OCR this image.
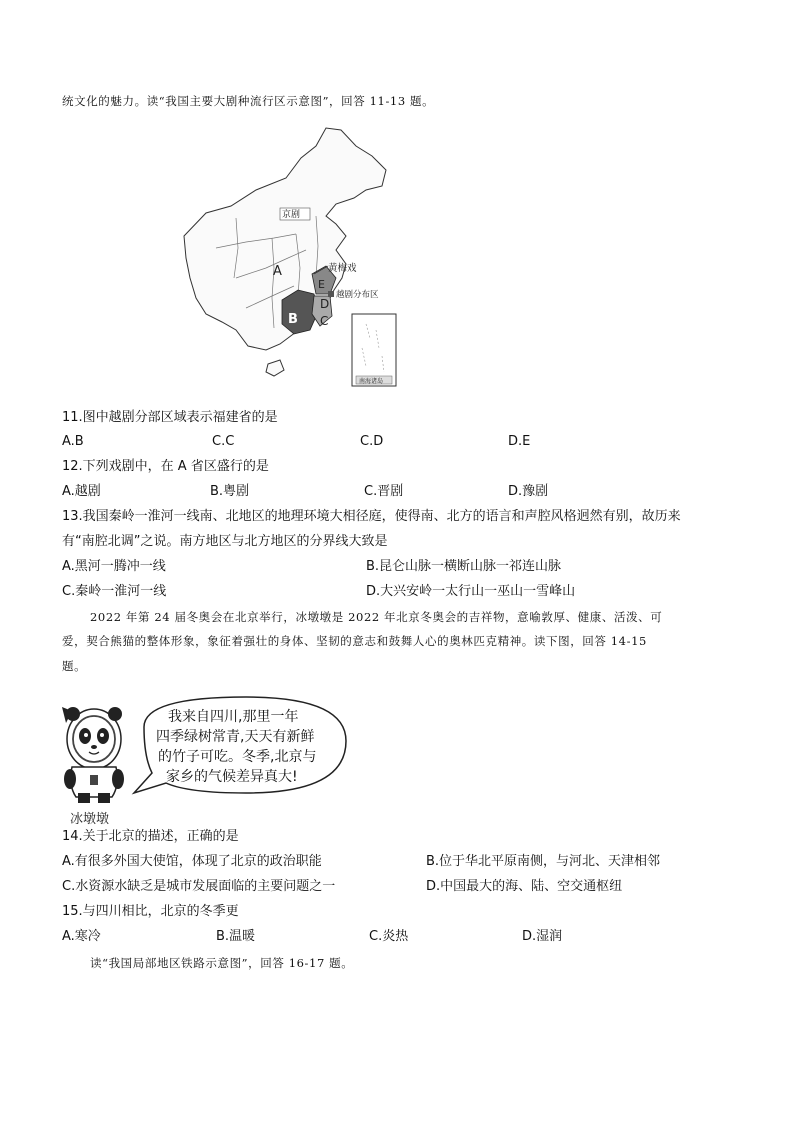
统文化的魅力。读“我国主要大剧种流行区示意图”，回答 11-13 题。
京剧
A
B C
D
E
黄梅戏
越剧分布区
南海诸岛
11.图中越剧分部区域表示福建省的是
A.B	C.C	C.D	D.E
12.下列戏剧中，在 A 省区盛行的是
A.越剧	B.粤剧	C.晋剧	D.豫剧
13.我国秦岭一淮河一线南、北地区的地理环境大相径庭，使得南、北方的语言和声腔风格迥然有别，故历来
有“南腔北调”之说。南方地区与北方地区的分界线大致是
A.黑河一腾冲一线	B.昆仑山脉一横断山脉一祁连山脉
C.秦岭一淮河一线	D.大兴安岭一太行山一巫山一雪峰山
2022 年第 24 届冬奥会在北京举行，冰墩墩是 2022 年北京冬奥会的吉祥物，意喻敦厚、健康、活泼、可
爱，契合熊猫的整体形象，象征着强壮的身体、坚韧的意志和鼓舞人心的奥林匹克精神。读下图，回答 14-15
题。
冰墩墩
我来自四川,那里一年
四季绿树常青,天天有新鲜
的竹子可吃。冬季,北京与
家乡的气候差异真大!
14.关于北京的描述，正确的是
A.有很多外国大使馆，体现了北京的政治职能	B.位于华北平原南侧，与河北、天津相邻
C.水资源水缺乏是城市发展面临的主要问题之一	D.中国最大的海、陆、空交通枢纽
15.与四川相比，北京的冬季更
A.寒冷	B.温暖	C.炎热	D.湿润
读“我国局部地区铁路示意图”，回答 16-17 题。
